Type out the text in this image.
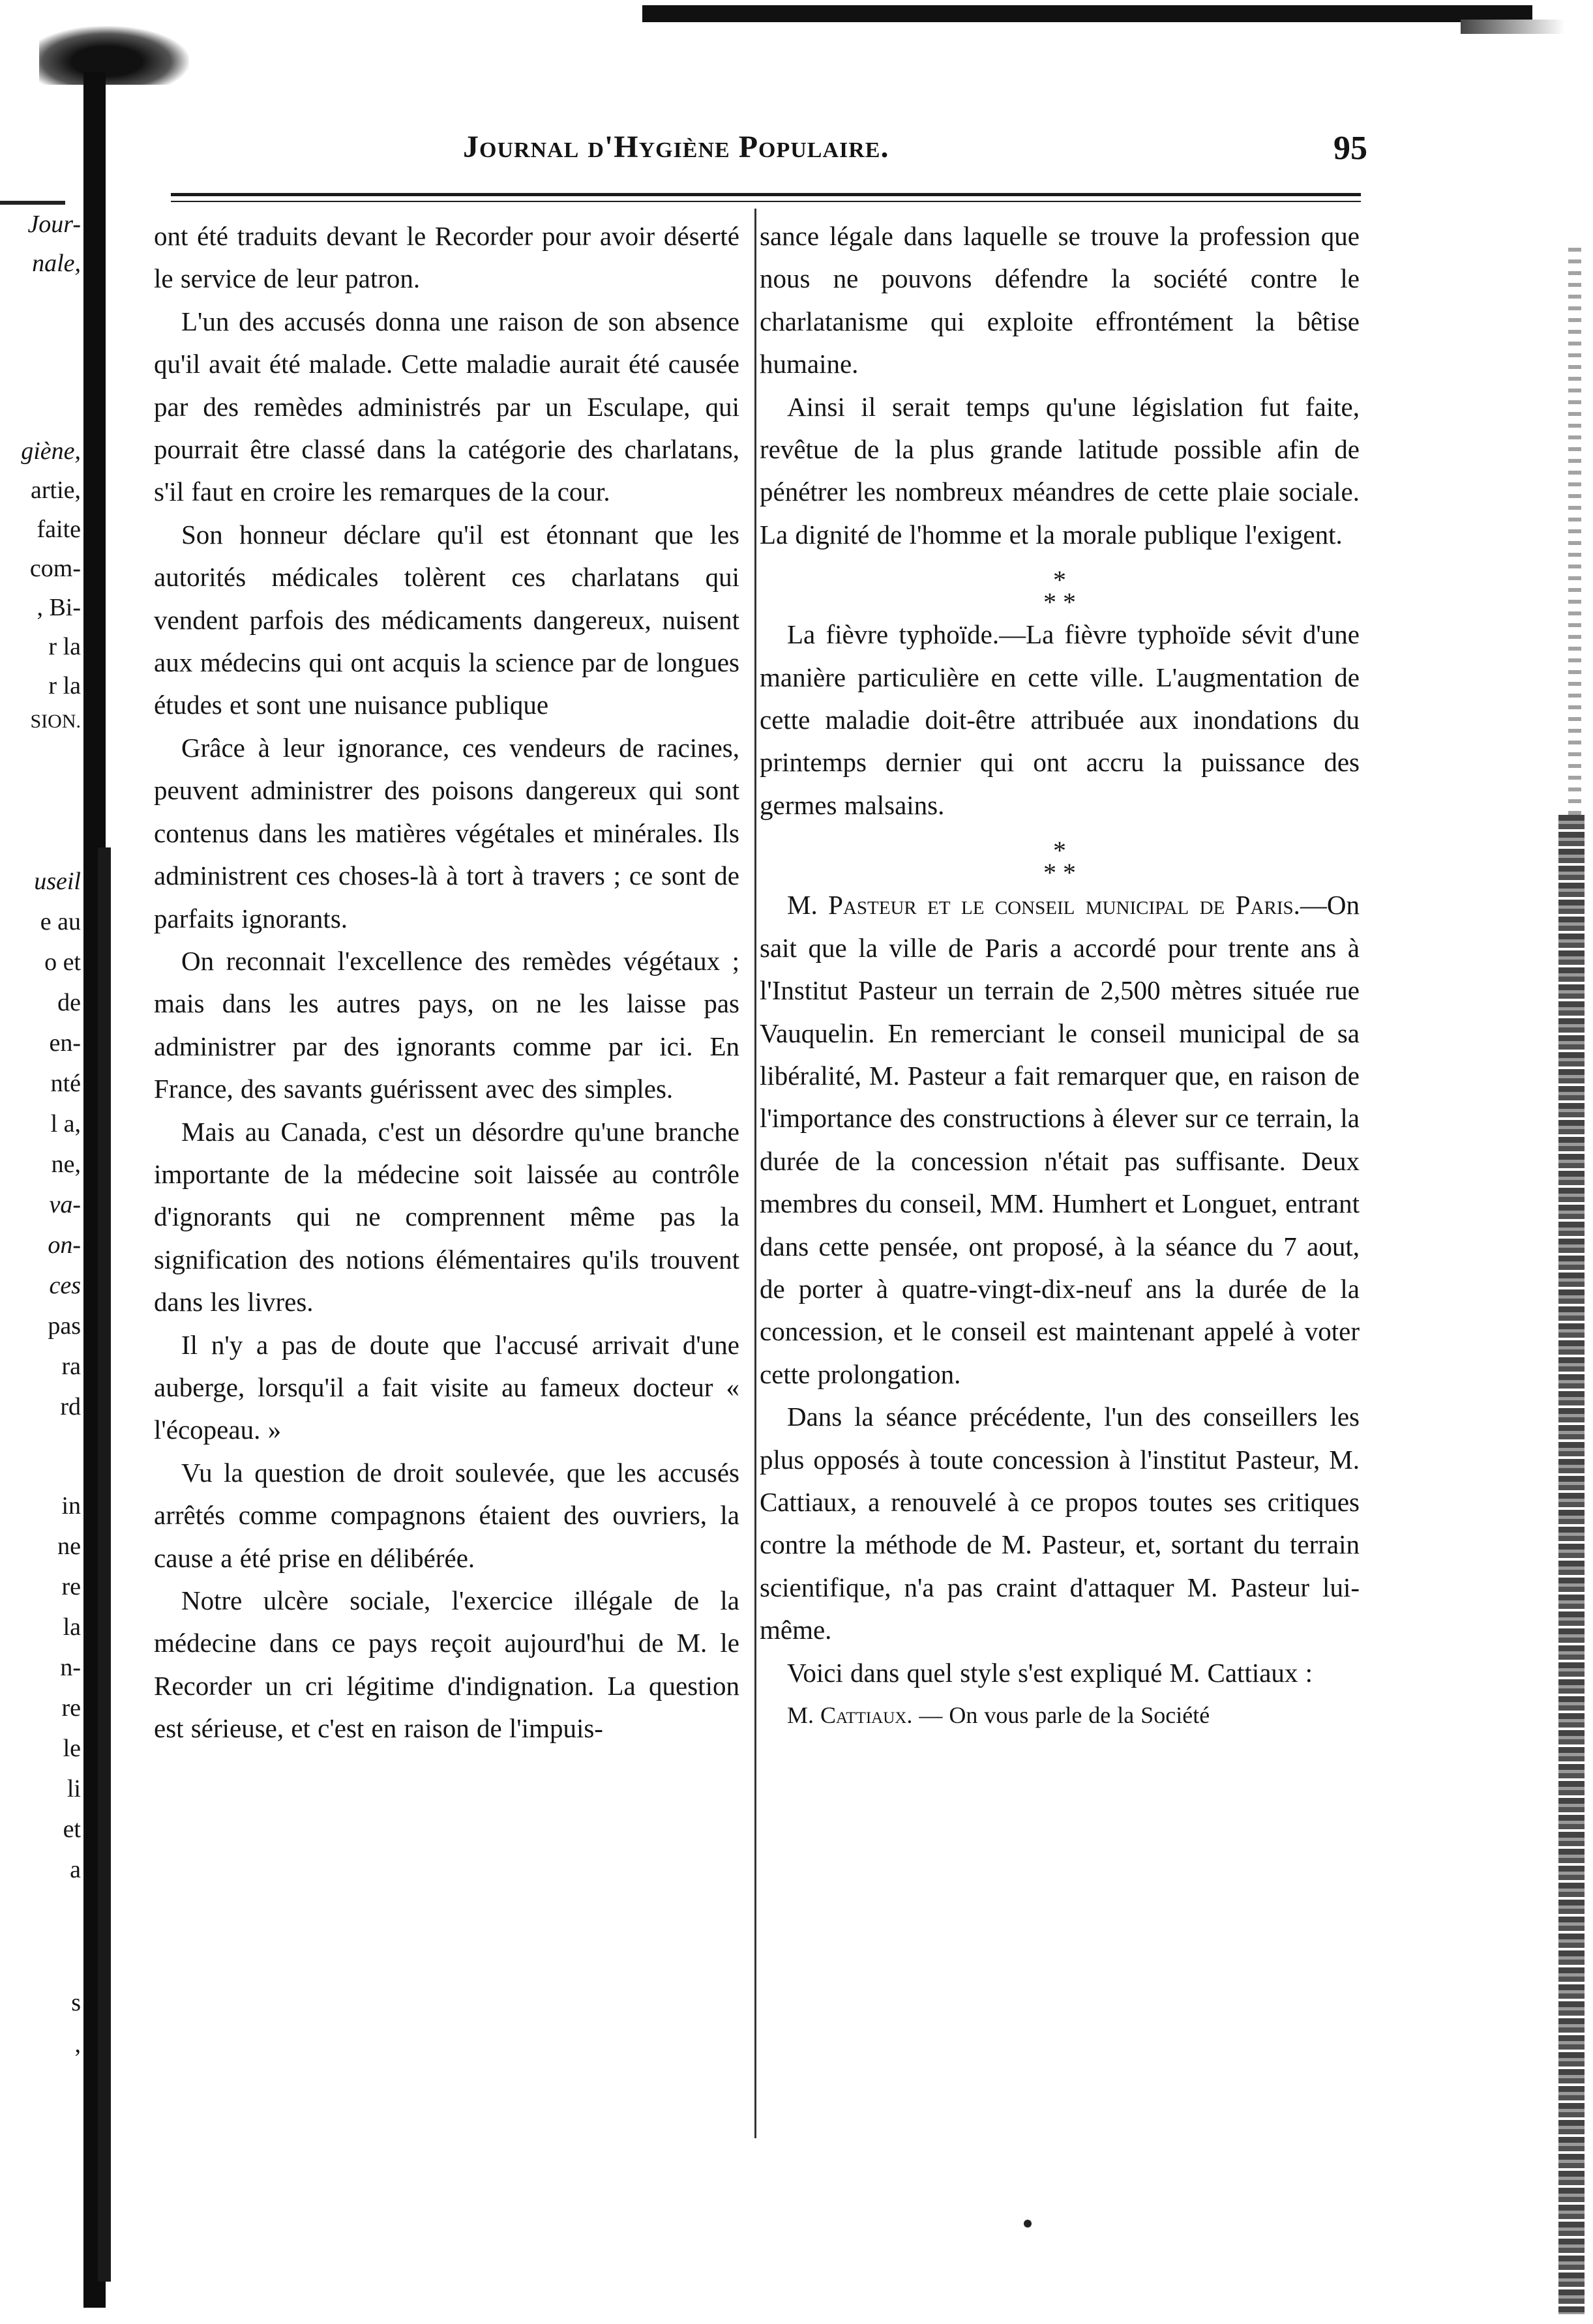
Jour-
nale,
giène,
artie,
faite
com-
, Bi-
r la
r la
SION.
useil
e au
o et
de
en-
nté
l a,
ne,
va-
on-
ces
pas
ra
rd
in
ne
re
la
n-
re
le
li
et
a
s
,
Journal d'Hygiène Populaire.	95

ont été traduits devant le Recorder pour avoir déserté le service de leur patron.

L'un des accusés donna une raison de son absence qu'il avait été malade. Cette maladie aurait été causée par des remèdes administrés par un Esculape, qui pourrait être classé dans la catégorie des charlatans, s'il faut en croire les remarques de la cour.

Son honneur déclare qu'il est étonnant que les autorités médicales tolèrent ces charlatans qui vendent parfois des médicaments dangereux, nuisent aux médecins qui ont acquis la science par de longues études et sont une nuisance publique

Grâce à leur ignorance, ces vendeurs de racines, peuvent administrer des poisons dangereux qui sont contenus dans les matières végétales et minérales. Ils administrent ces choses-là à tort à travers ; ce sont de parfaits ignorants.

On reconnait l'excellence des remèdes végétaux ; mais dans les autres pays, on ne les laisse pas administrer par des ignorants comme par ici. En France, des savants guérissent avec des simples.

Mais au Canada, c'est un désordre qu'une branche importante de la médecine soit laissée au contrôle d'ignorants qui ne comprennent même pas la signification des notions élémentaires qu'ils trouvent dans les livres.

Il n'y a pas de doute que l'accusé arrivait d'une auberge, lorsqu'il a fait visite au fameux docteur « l'écopeau. »

Vu la question de droit soulevée, que les accusés arrêtés comme compagnons étaient des ouvriers, la cause a été prise en délibérée.

Notre ulcère sociale, l'exercice illégale de la médecine dans ce pays reçoit aujourd'hui de M. le Recorder un cri légitime d'indignation. La question est sérieuse, et c'est en raison de l'impuis-

sance légale dans laquelle se trouve la profession que nous ne pouvons défendre la société contre le charlatanisme qui exploite effrontément la bêtise humaine.

Ainsi il serait temps qu'une législation fut faite, revêtue de la plus grande latitude possible afin de pénétrer les nombreux méandres de cette plaie sociale. La dignité de l'homme et la morale publique l'exigent.

*
* *

La fièvre typhoïde.—La fièvre typhoïde sévit d'une manière particulière en cette ville. L'augmentation de cette maladie doit-être attribuée aux inondations du printemps dernier qui ont accru la puissance des germes malsains.

*
* *

M. Pasteur et le conseil municipal de Paris.—On sait que la ville de Paris a accordé pour trente ans à l'Institut Pasteur un terrain de 2,500 mètres située rue Vauquelin. En remerciant le conseil municipal de sa libéralité, M. Pasteur a fait remarquer que, en raison de l'importance des constructions à élever sur ce terrain, la durée de la concession n'était pas suffisante. Deux membres du conseil, MM. Humhert et Longuet, entrant dans cette pensée, ont proposé, à la séance du 7 aout, de porter à quatre-vingt-dix-neuf ans la durée de la concession, et le conseil est maintenant appelé à voter cette prolongation.

Dans la séance précédente, l'un des conseillers les plus opposés à toute concession à l'institut Pasteur, M. Cattiaux, a renouvelé à ce propos toutes ses critiques contre la méthode de M. Pasteur, et, sortant du terrain scientifique, n'a pas craint d'attaquer M. Pasteur lui-même.

Voici dans quel style s'est expliqué M. Cattiaux :

M. Cattiaux. — On vous parle de la Société
